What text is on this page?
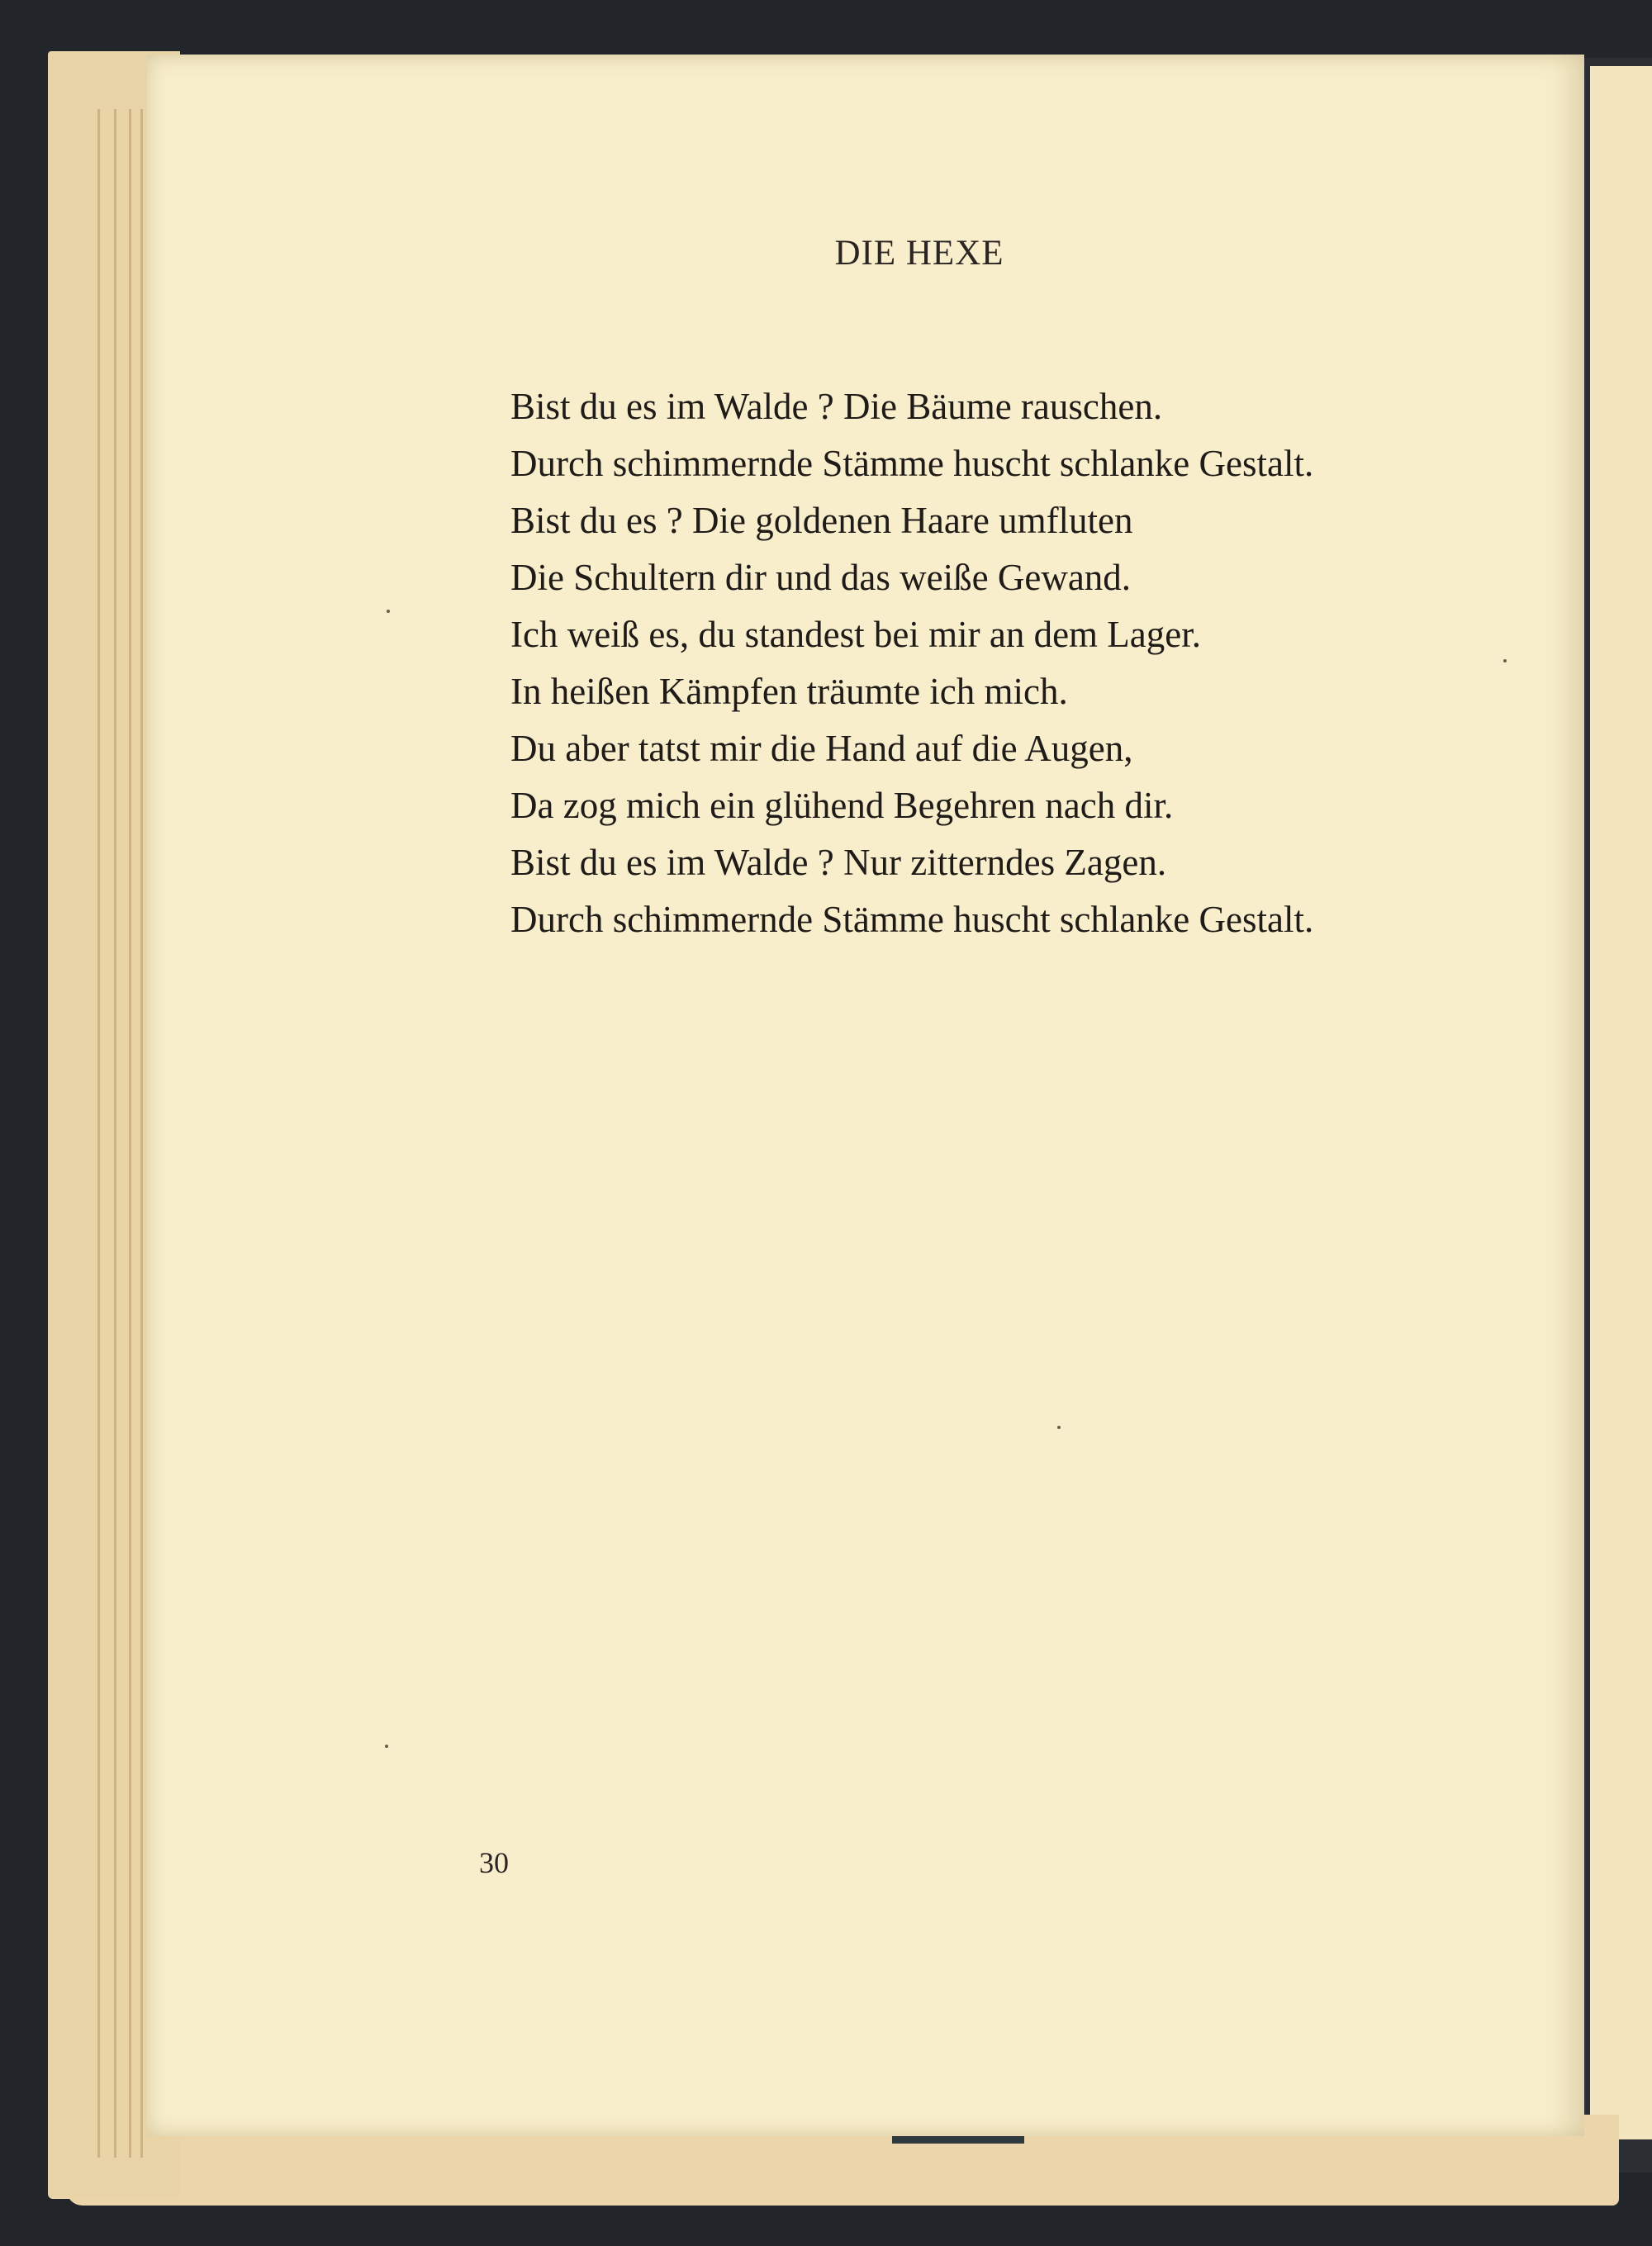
DIE HEXE
Bist du es im Walde ? Die Bäume rauschen.
Durch schimmernde Stämme huscht schlanke Gestalt.
Bist du es ? Die goldenen Haare umfluten
Die Schultern dir und das weiße Gewand.
Ich weiß es, du standest bei mir an dem Lager.
In heißen Kämpfen träumte ich mich.
Du aber tatst mir die Hand auf die Augen,
Da zog mich ein glühend Begehren nach dir.
Bist du es im Walde ? Nur zitterndes Zagen.
Durch schimmernde Stämme huscht schlanke Gestalt.
30
